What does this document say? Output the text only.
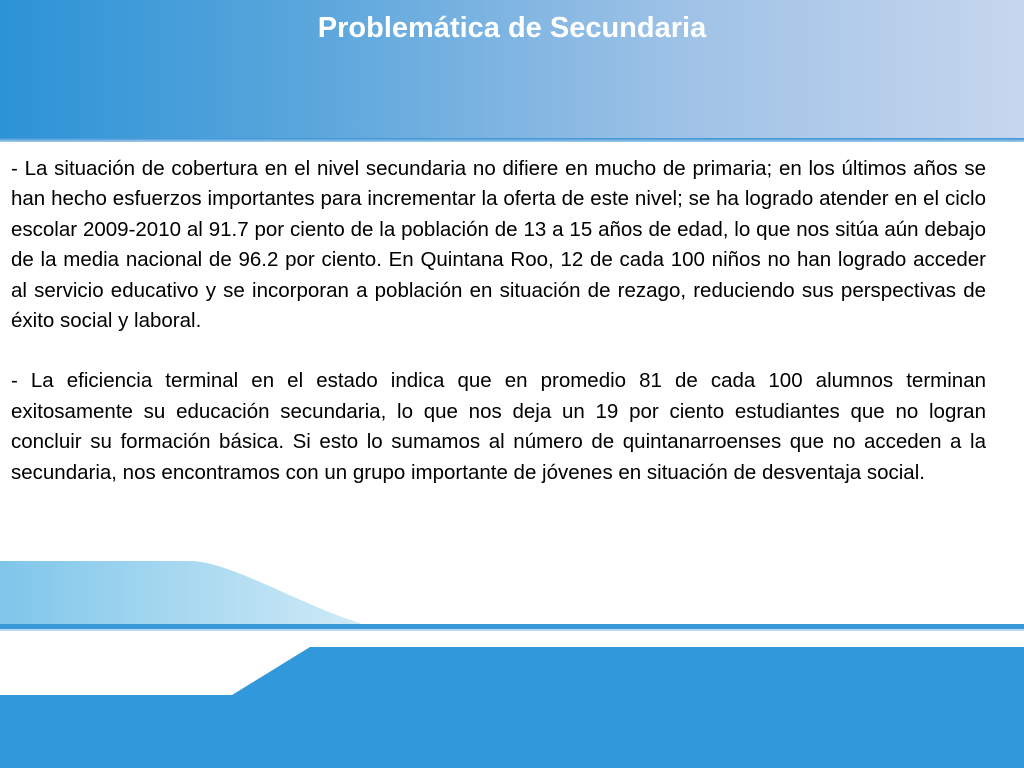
Problemática de Secundaria

- La situación de cobertura en el nivel secundaria no difiere en mucho de primaria; en los últimos años se han hecho esfuerzos importantes para incrementar la oferta de este nivel; se ha logrado atender en el ciclo escolar 2009-2010 al 91.7 por ciento de la población de 13 a 15 años de edad, lo que nos sitúa aún debajo de la media nacional de 96.2 por ciento. En Quintana Roo, 12 de cada 100 niños no han logrado acceder al servicio educativo y se incorporan a población en situación de rezago, reduciendo sus perspectivas de éxito social y laboral.

- La eficiencia terminal en el estado indica que en promedio 81 de cada 100 alumnos terminan exitosamente su educación secundaria, lo que nos deja un 19 por ciento estudiantes que no logran concluir su formación básica. Si esto lo sumamos al número de quintanarroenses que no acceden a la secundaria, nos encontramos con un grupo importante de jóvenes en situación de desventaja social.
